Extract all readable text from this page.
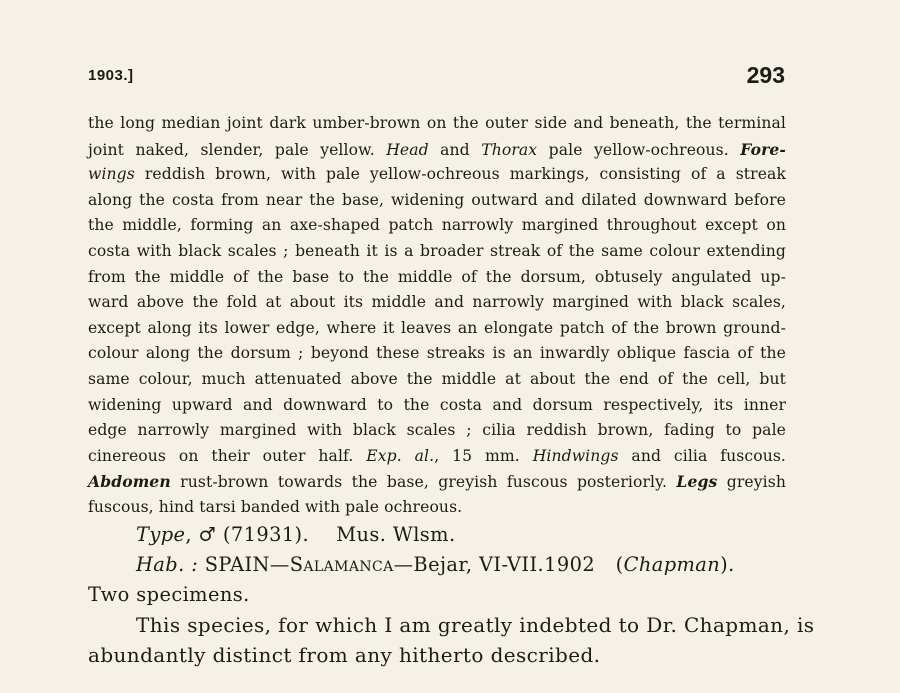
1903.]	293
the long median joint dark umber-brown on the outer side and beneath, the terminal
joint naked, slender, pale yellow. Head and Thorax pale yellow-ochreous. Fore-
wings reddish brown, with pale yellow-ochreous markings, consisting of a streak
along the costa from near the base, widening outward and dilated downward before
the middle, forming an axe-shaped patch narrowly margined throughout except on
costa with black scales ; beneath it is a broader streak of the same colour extending
from the middle of the base to the middle of the dorsum, obtusely angulated up-
ward above the fold at about its middle and narrowly margined with black scales,
except along its lower edge, where it leaves an elongate patch of the brown ground-
colour along the dorsum ; beyond these streaks is an inwardly oblique fascia of the
same colour, much attenuated above the middle at about the end of the cell, but
widening upward and downward to the costa and dorsum respectively, its inner
edge narrowly margined with black scales ; cilia reddish brown, fading to pale
cinereous on their outer half. Exp. al., 15 mm. Hindwings and cilia fuscous.
Abdomen rust-brown towards the base, greyish fuscous posteriorly. Legs greyish
fuscous, hind tarsi banded with pale ochreous.
Type, ♂ (71931). Mus. Wlsm.
Hab. : SPAIN—Salamanca—Bejar, VI-VII.1902 (Chapman).
Two specimens.
This species, for which I am greatly indebted to Dr. Chapman, is
abundantly distinct from any hitherto described.
